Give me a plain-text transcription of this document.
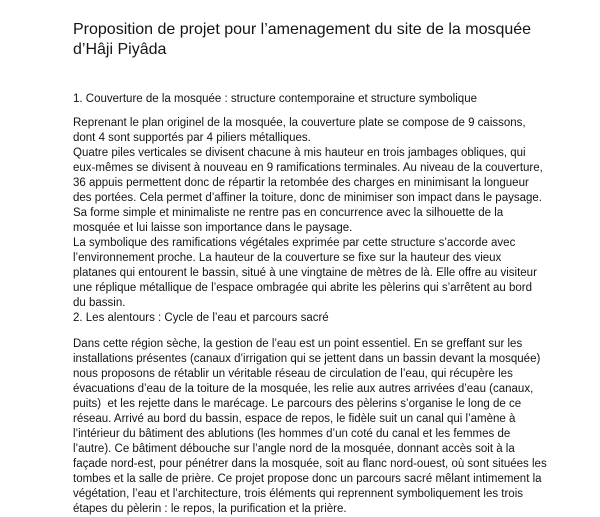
Proposition de projet pour l’amenagement du site de la mosquée d’Hâji Piyâda
1. Couverture de la mosquée : structure contemporaine et structure symbolique

Reprenant le plan originel de la mosquée, la couverture plate se compose de 9 caissons,
dont 4 sont supportés par 4 piliers métalliques.
Quatre piles verticales se divisent chacune à mis hauteur en trois jambages obliques, qui
eux-mêmes se divisent à nouveau en 9 ramifications terminales. Au niveau de la couverture,
36 appuis permettent donc de répartir la retombée des charges en minimisant la longueur
des portées. Cela permet d’affiner la toiture, donc de minimiser son impact dans le paysage.
Sa forme simple et minimaliste ne rentre pas en concurrence avec la silhouette de la
mosquée et lui laisse son importance dans le paysage.
La symbolique des ramifications végétales exprimée par cette structure s’accorde avec
l’environnement proche. La hauteur de la couverture se fixe sur la hauteur des vieux
platanes qui entourent le bassin, situé à une vingtaine de mètres de là. Elle offre au visiteur
une réplique métallique de l’espace ombragée qui abrite les pèlerins qui s’arrêtent au bord
du bassin.

2. Les alentours : Cycle de l’eau et parcours sacré

Dans cette région sèche, la gestion de l’eau est un point essentiel. En se greffant sur les
installations présentes (canaux d’irrigation qui se jettent dans un bassin devant la mosquée)
nous proposons de rétablir un véritable réseau de circulation de l’eau, qui récupère les
évacuations d’eau de la toiture de la mosquée, les relie aux autres arrivées d’eau (canaux,
puits)  et les rejette dans le marécage. Le parcours des pèlerins s’organise le long de ce
réseau. Arrivé au bord du bassin, espace de repos, le fidèle suit un canal qui l’amène à
l’intérieur du bâtiment des ablutions (les hommes d’un coté du canal et les femmes de
l’autre). Ce bâtiment débouche sur l’angle nord de la mosquée, donnant accès soit à la
façade nord-est, pour pénétrer dans la mosquée, soit au flanc nord-ouest, où sont situées les
tombes et la salle de prière. Ce projet propose donc un parcours sacré mêlant intimement la
végétation, l’eau et l’architecture, trois éléments qui reprennent symboliquement les trois
étapes du pèlerin : le repos, la purification et la prière.
